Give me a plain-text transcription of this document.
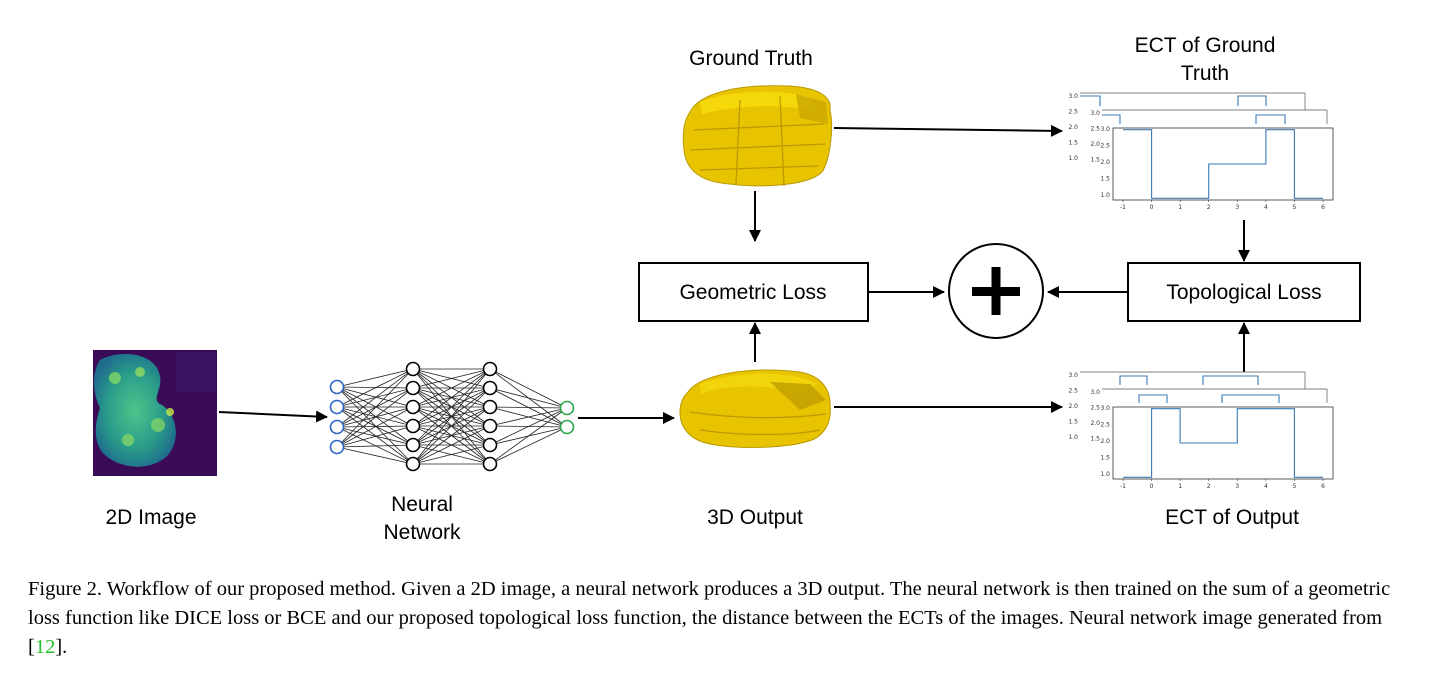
2D Image
Neural
Network
Ground Truth
Geometric Loss	Topological Loss
3D Output
ECT of Ground
Truth
3.0
2.5
2.0
1.5
1.0
3.0
2.5
2.0
1.5
3.0
2.5
2.0
1.5
1.0
-1	0	1	2	3	4	5	6
3.0
2.5
2.0
1.5
1.0
3.0
2.5
2.0
1.5
3.0
2.5
2.0
1.5
1.0
-1	0	1	2	3	4	5	6
ECT of Output
Figure 2. Workflow of our proposed method. Given a 2D image, a neural network produces a 3D output. The neural network is then trained on the sum of a geometric loss function like DICE loss or BCE and our proposed topological loss function, the distance between the ECTs of the images. Neural network image generated from [12].
